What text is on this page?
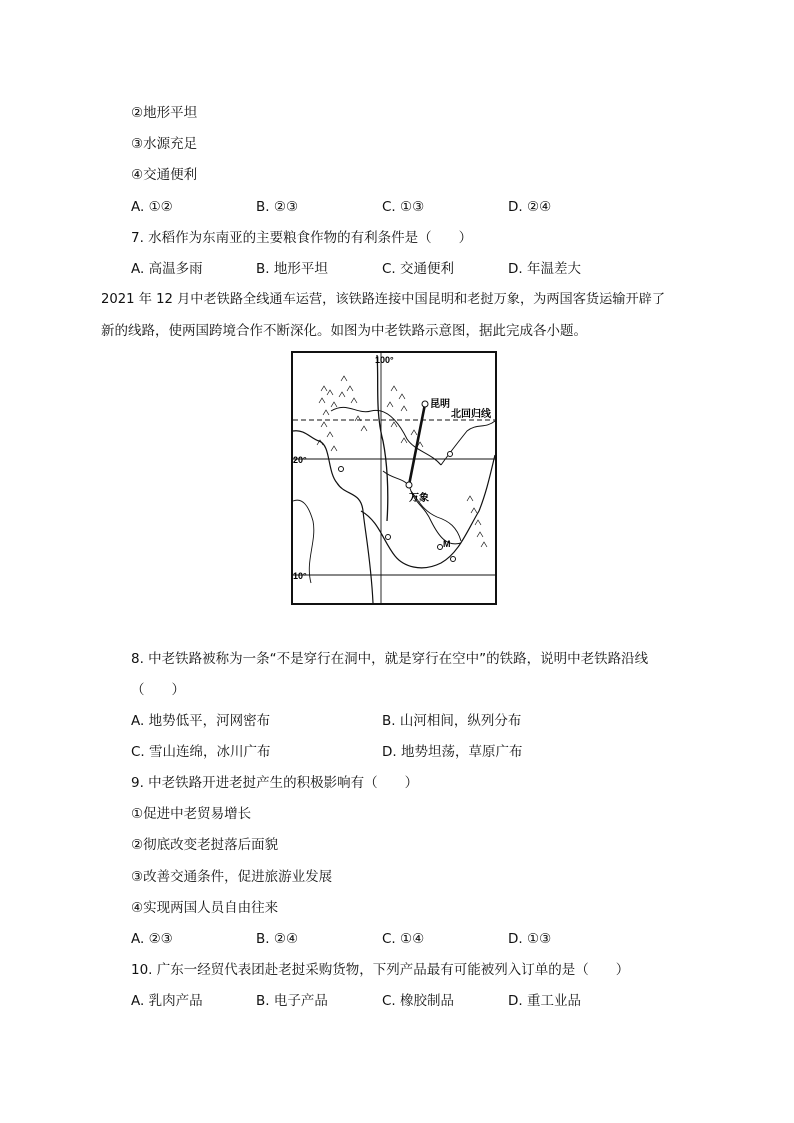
②地形平坦
③水源充足
④交通便利
A. ①②	B. ②③	C. ①③	D. ②④
7. 水稻作为东南亚的主要粮食作物的有利条件是（　　）
A. 高温多雨	B. 地形平坦	C. 交通便利	D. 年温差大
2021 年 12 月中老铁路全线通车运营，该铁路连接中国昆明和老挝万象，为两国客货运输开辟了
新的线路，使两国跨境合作不断深化。如图为中老铁路示意图，据此完成各小题。
100°
20°
10°
昆明
北回归线
万象
M
8. 中老铁路被称为一条“不是穿行在洞中，就是穿行在空中”的铁路，说明中老铁路沿线
（　　）
A. 地势低平，河网密布	B. 山河相间，纵列分布
C. 雪山连绵，冰川广布	D. 地势坦荡，草原广布
9. 中老铁路开进老挝产生的积极影响有（　　）
①促进中老贸易增长
②彻底改变老挝落后面貌
③改善交通条件，促进旅游业发展
④实现两国人员自由往来
A. ②③	B. ②④	C. ①④	D. ①③
10. 广东一经贸代表团赴老挝采购货物，下列产品最有可能被列入订单的是（　　）
A. 乳肉产品	B. 电子产品	C. 橡胶制品	D. 重工业品
